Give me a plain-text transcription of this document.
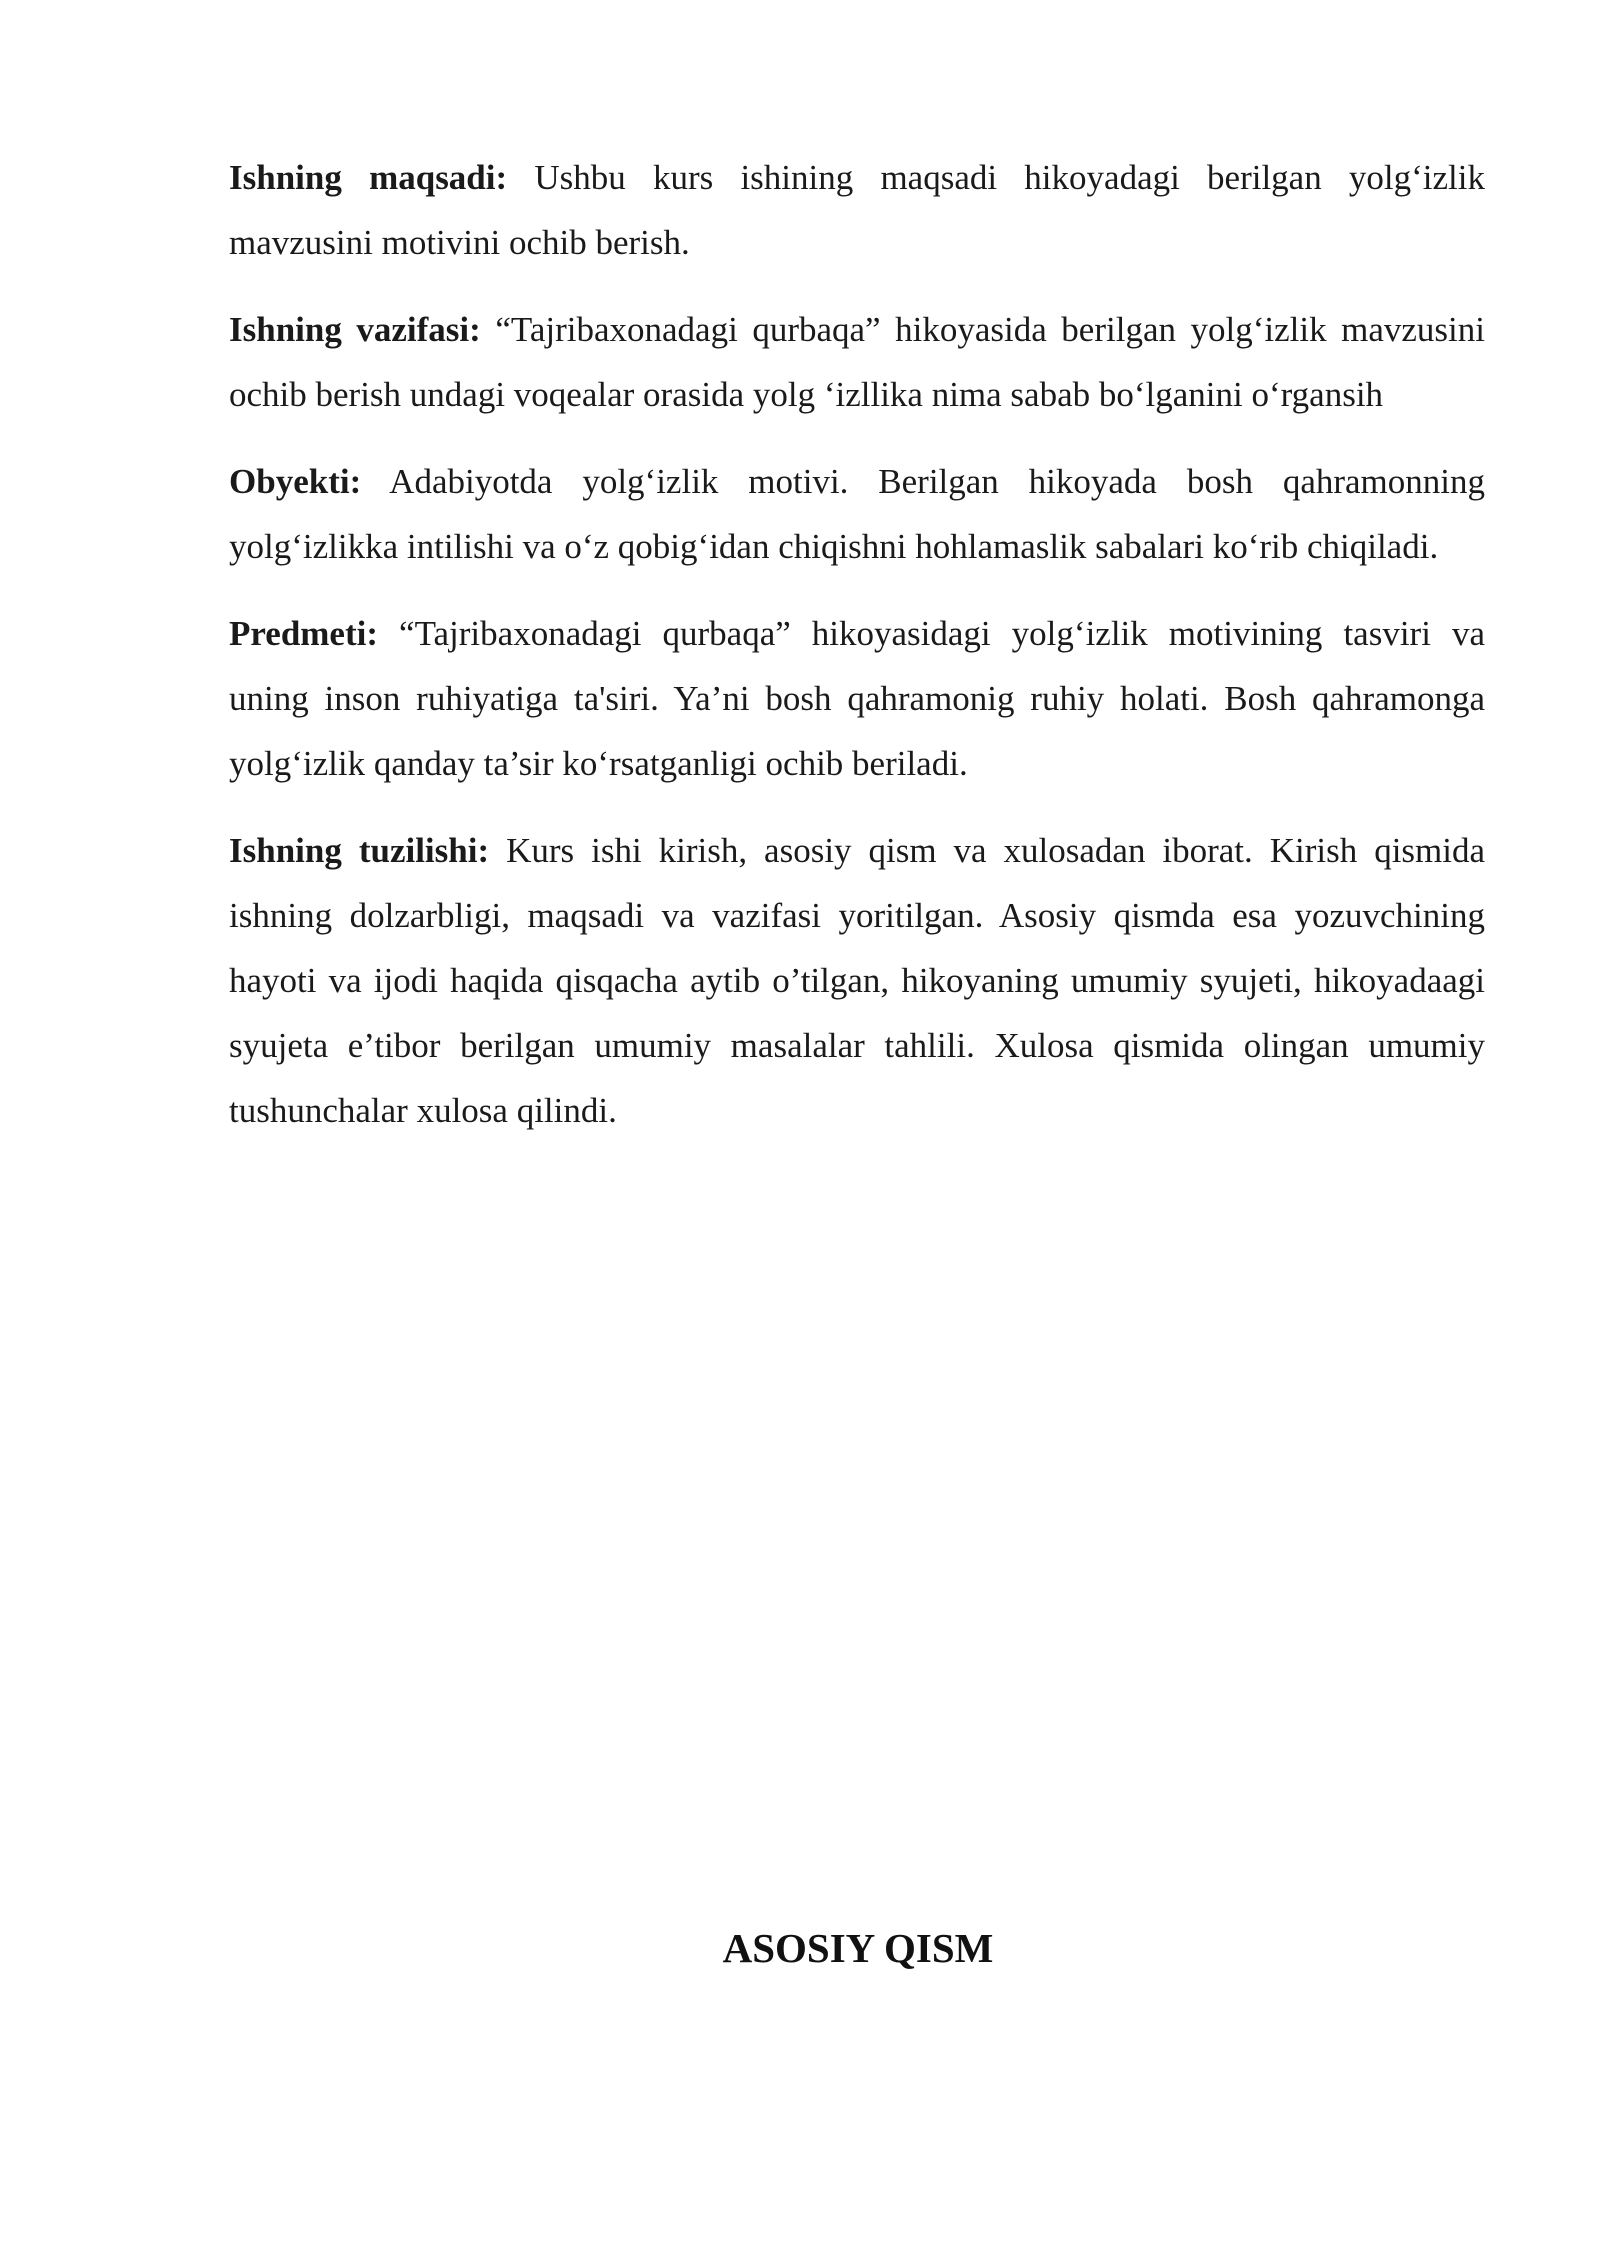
Ishning maqsadi: Ushbu kurs ishining maqsadi hikoyadagi berilgan yolg‘izlik mavzusini motivini ochib berish.

Ishning vazifasi: “Tajribaxonadagi qurbaqa” hikoyasida berilgan yolg‘izlik mavzusini ochib berish undagi voqealar orasida yolg ‘izllika nima sabab bo‘lganini o‘rgansih

Obyekti: Adabiyotda yolg‘izlik motivi. Berilgan hikoyada bosh qahramonning yolg‘izlikka intilishi va o‘z qobig‘idan chiqishni hohlamaslik sabalari ko‘rib chiqiladi.

Predmeti: “Tajribaxonadagi qurbaqa” hikoyasidagi yolg‘izlik motivining tasviri va uning inson ruhiyatiga ta'siri. Ya’ni bosh qahramonig ruhiy holati. Bosh qahramonga yolg‘izlik qanday ta’sir ko‘rsatganligi ochib beriladi.

Ishning tuzilishi: Kurs ishi kirish, asosiy qism va xulosadan iborat. Kirish qismida ishning dolzarbligi, maqsadi va vazifasi yoritilgan. Asosiy qismda esa yozuvchining hayoti va ijodi haqida qisqacha aytib o’tilgan, hikoyaning umumiy syujeti, hikoyadaagi syujeta e’tibor berilgan umumiy masalalar tahlili. Xulosa qismida olingan umumiy tushunchalar xulosa qilindi.

ASOSIY QISM
